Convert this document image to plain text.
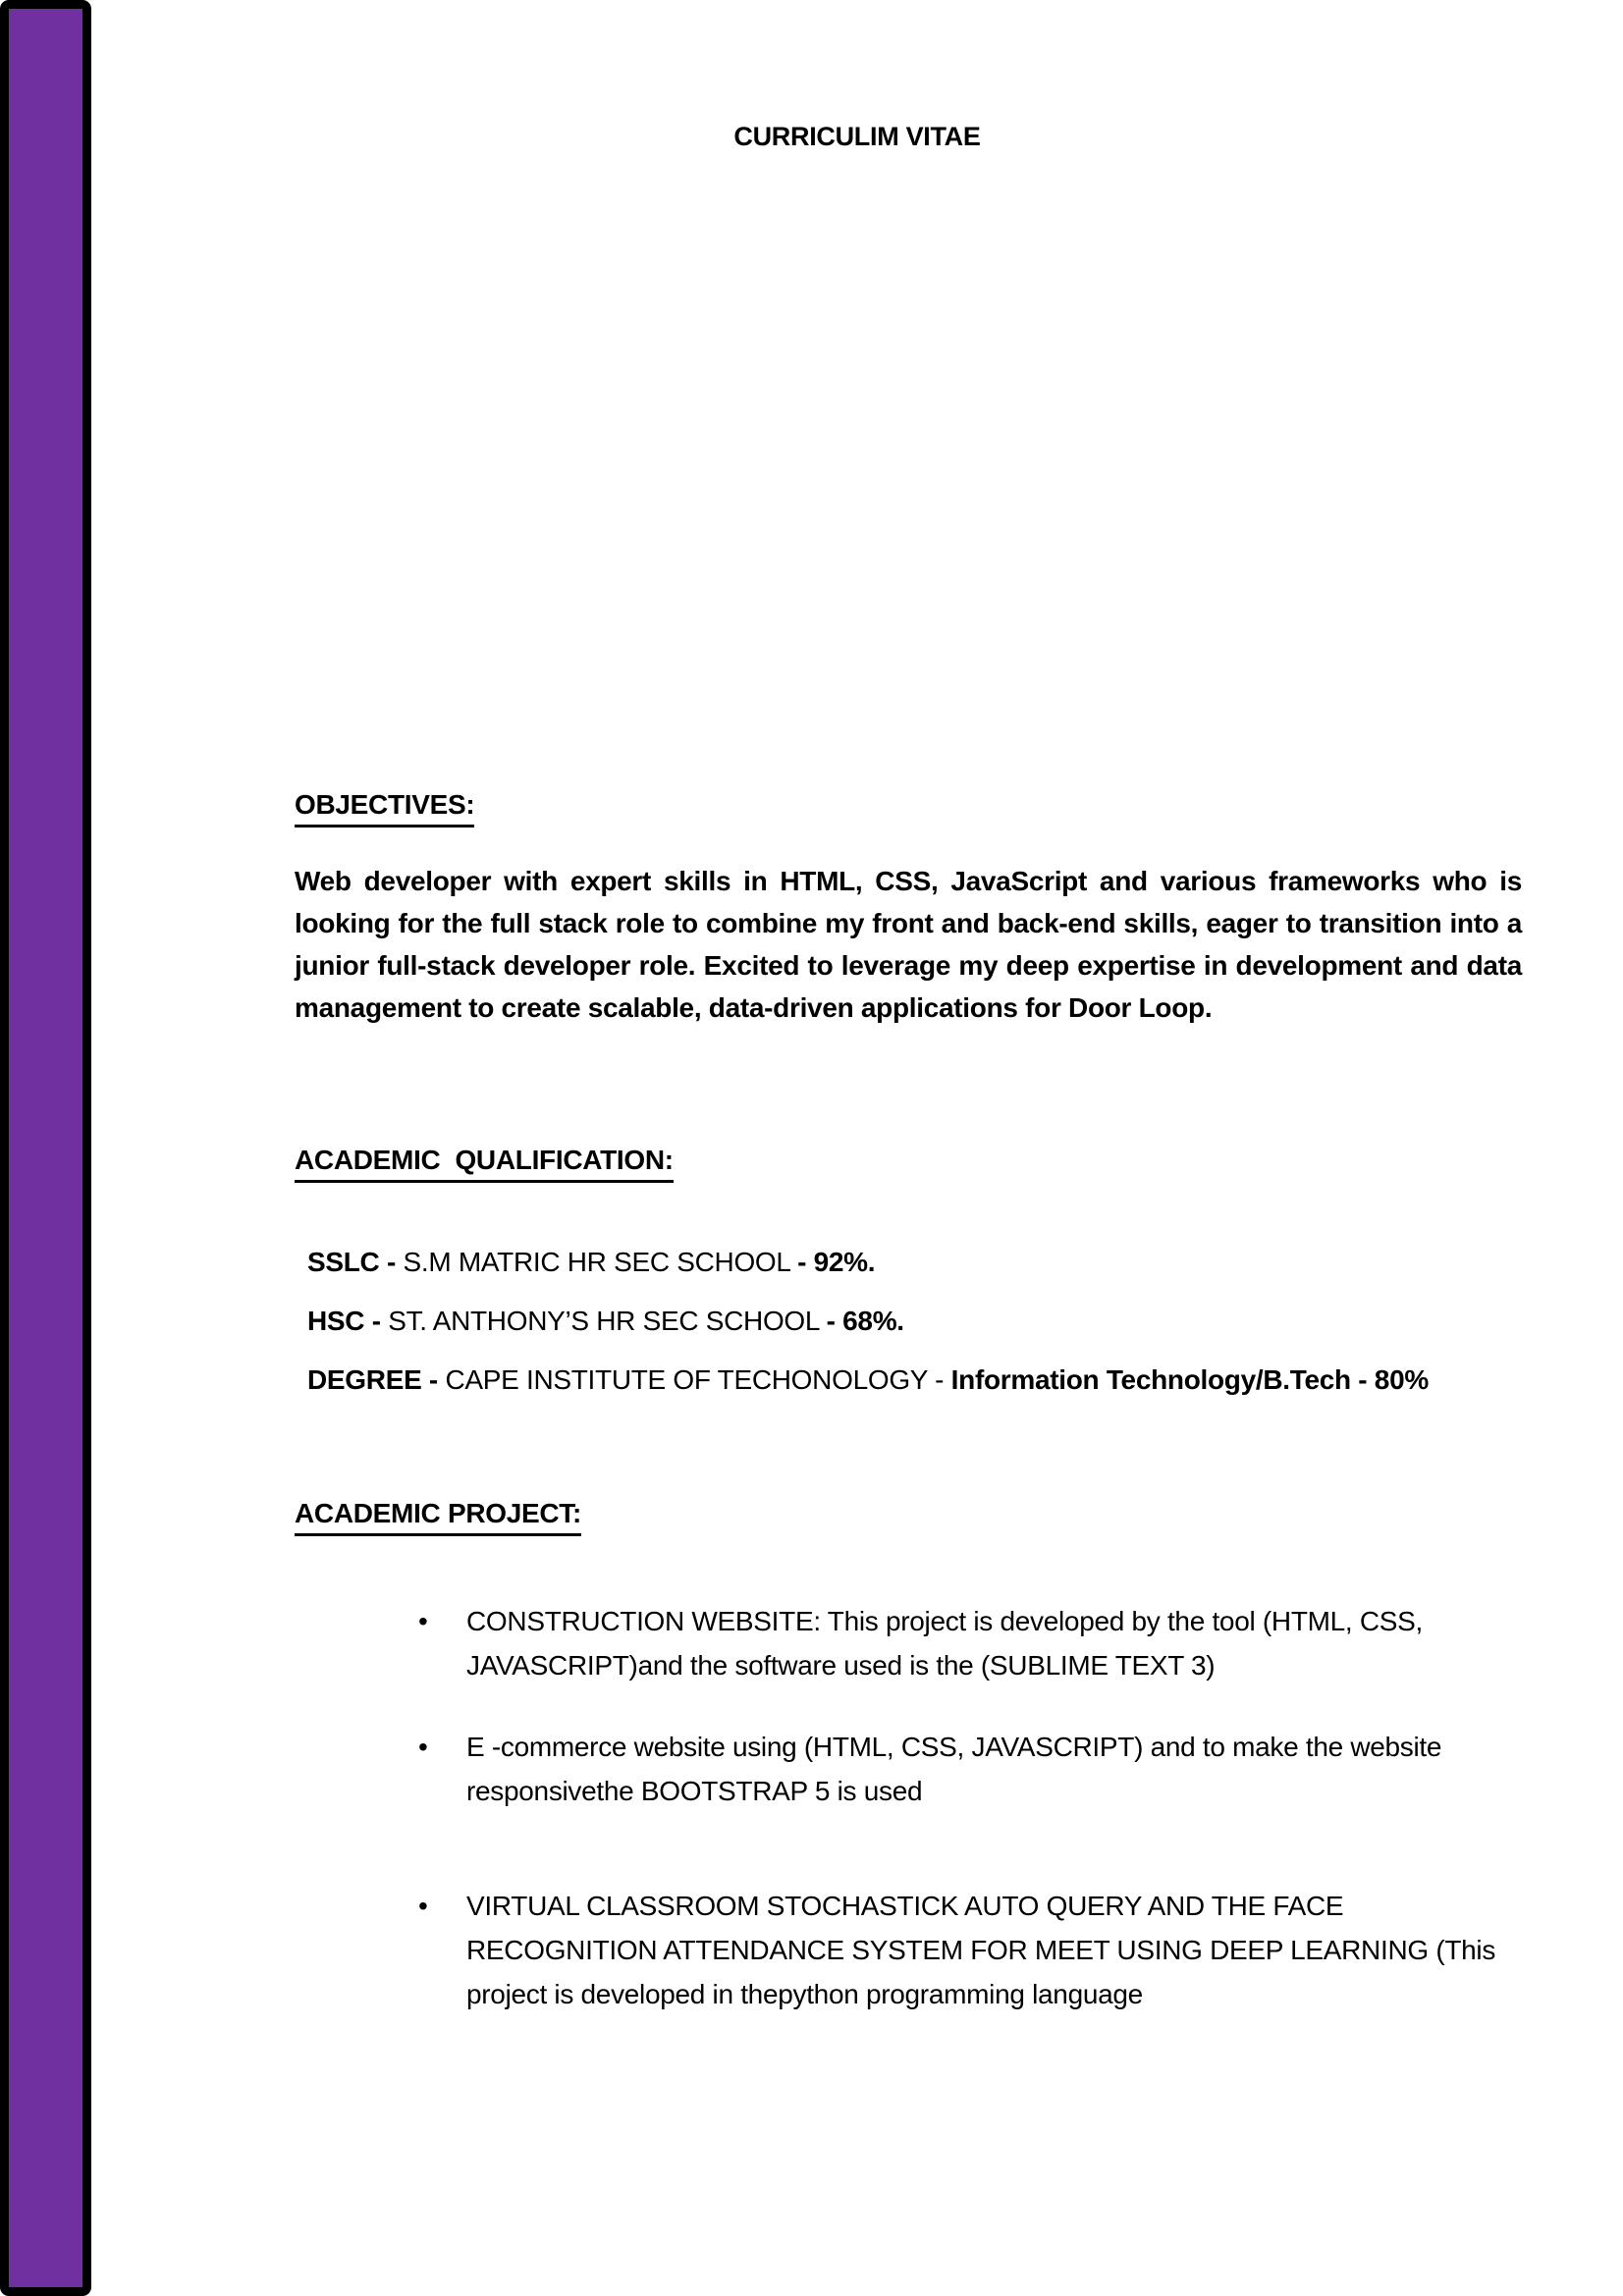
CURRICULIM VITAE
OBJECTIVES:

Web developer with expert skills in HTML, CSS, JavaScript and various frameworks who is looking for the full stack role to combine my front and back-end skills, eager to transition into a junior full-stack developer role. Excited to leverage my deep expertise in development and data management to create scalable, data-driven applications for Door Loop.

ACADEMIC  QUALIFICATION:
SSLC - S.M MATRIC HR SEC SCHOOL - 92%.
HSC - ST. ANTHONY’S HR SEC SCHOOL - 68%.
DEGREE - CAPE INSTITUTE OF TECHONOLOGY - Information Technology/B.Tech - 80%
ACADEMIC PROJECT:
• CONSTRUCTION WEBSITE: This project is developed by the tool (HTML, CSS, JAVASCRIPT)and the software used is the (SUBLIME TEXT 3)
• E -commerce website using (HTML, CSS, JAVASCRIPT) and to make the website responsivethe BOOTSTRAP 5 is used
• VIRTUAL CLASSROOM STOCHASTICK AUTO QUERY AND THE FACE RECOGNITION ATTENDANCE SYSTEM FOR MEET USING DEEP LEARNING (This project is developed in thepython programming language
